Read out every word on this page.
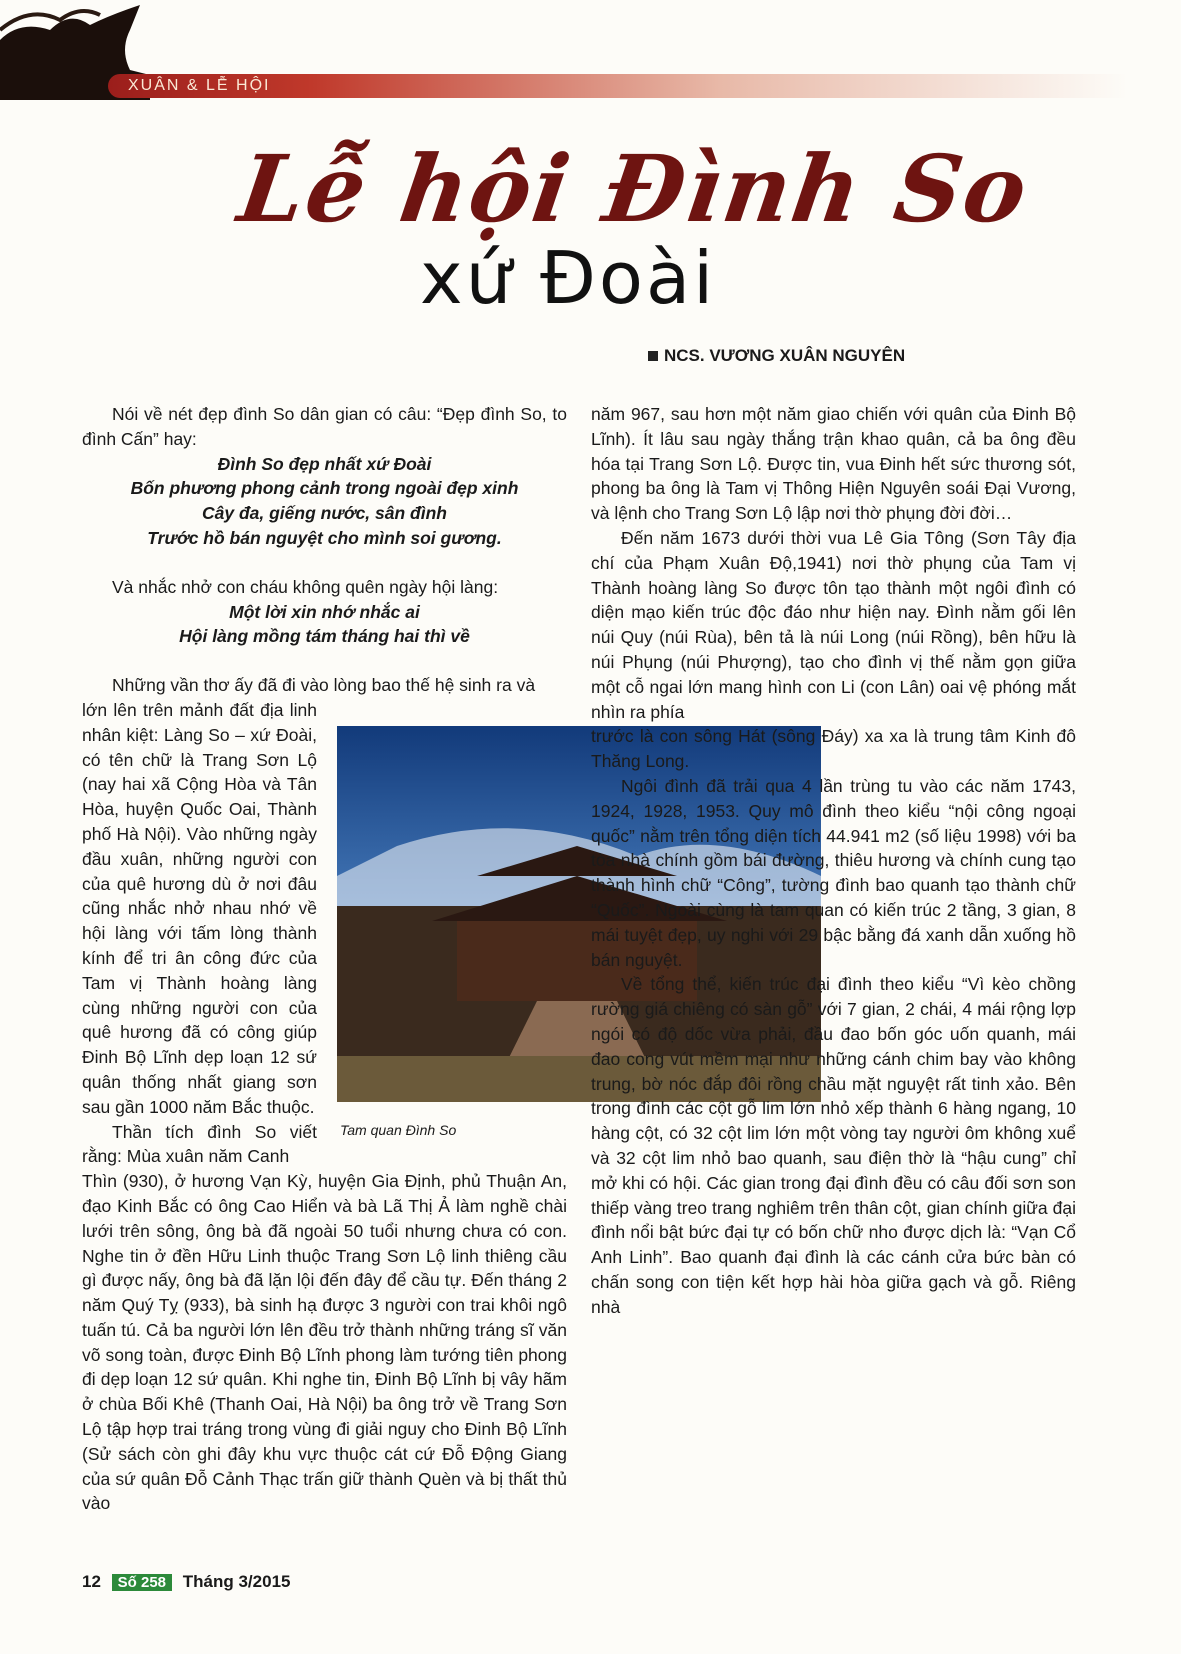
XUÂN & LỄ HỘI
Lễ hội Đình So
xứ Đoài
NCS. VƯƠNG XUÂN NGUYÊN

Nói về nét đẹp đình So dân gian có câu: “Đẹp đình So, to đình Cấn” hay:

Đình So đẹp nhất xứ Đoài

Bốn phương phong cảnh trong ngoài đẹp xinh

Cây đa, giếng nước, sân đình

Trước hồ bán nguyệt cho mình soi gương.

Và nhắc nhở con cháu không quên ngày hội làng:

Một lời xin nhớ nhắc ai

Hội làng mồng tám tháng hai thì về

Những vần thơ ấy đã đi vào lòng bao thế hệ sinh ra và

lớn lên trên mảnh đất địa linh nhân kiệt: Làng So – xứ Đoài, có tên chữ là Trang Sơn Lộ (nay hai xã Cộng Hòa và Tân Hòa, huyện Quốc Oai, Thành phố Hà Nội). Vào những ngày đầu xuân, những người con của quê hương dù ở nơi đâu cũng nhắc nhở nhau nhớ về hội làng với tấm lòng thành kính để tri ân công đức của Tam vị Thành hoàng làng cùng những người con của quê hương đã có công giúp Đinh Bộ Lĩnh dẹp loạn 12 sứ quân thống nhất giang sơn sau gần 1000 năm Bắc thuộc.

Thần tích đình So viết rằng: Mùa xuân năm Canh

Thìn (930), ở hương Vạn Kỳ, huyện Gia Định, phủ Thuận An, đạo Kinh Bắc có ông Cao Hiển và bà Lã Thị Ả làm nghề chài lưới trên sông, ông bà đã ngoài 50 tuổi nhưng chưa có con. Nghe tin ở đền Hữu Linh thuộc Trang Sơn Lộ linh thiêng cầu gì được nấy, ông bà đã lặn lội đến đây để cầu tự. Đến tháng 2 năm Quý Tỵ (933), bà sinh hạ được 3 người con trai khôi ngô tuấn tú. Cả ba người lớn lên đều trở thành những tráng sĩ văn võ song toàn, được Đinh Bộ Lĩnh phong làm tướng tiên phong đi dẹp loạn 12 sứ quân. Khi nghe tin, Đinh Bộ Lĩnh bị vây hãm ở chùa Bối Khê (Thanh Oai, Hà Nội) ba ông trở về Trang Sơn Lộ tập hợp trai tráng trong vùng đi giải nguy cho Đinh Bộ Lĩnh (Sử sách còn ghi đây khu vực thuộc cát cứ Đỗ Động Giang của sứ quân Đỗ Cảnh Thạc trấn giữ thành Quèn và bị thất thủ vào

Tam quan Đình So

năm 967, sau hơn một năm giao chiến với quân của Đinh Bộ Lĩnh). Ít lâu sau ngày thắng trận khao quân, cả ba ông đều hóa tại Trang Sơn Lộ. Được tin, vua Đinh hết sức thương sót, phong ba ông là Tam vị Thông Hiện Nguyên soái Đại Vương, và lệnh cho Trang Sơn Lộ lập nơi thờ phụng đời đời…

Đến năm 1673 dưới thời vua Lê Gia Tông (Sơn Tây địa chí của Phạm Xuân Độ,1941) nơi thờ phụng của Tam vị Thành hoàng làng So được tôn tạo thành một ngôi đình có diện mạo kiến trúc độc đáo như hiện nay. Đình nằm gối lên núi Quy (núi Rùa), bên tả là núi Long (núi Rồng), bên hữu là núi Phụng (núi Phượng), tạo cho đình vị thế nằm gọn giữa một cỗ ngai lớn mang hình con Li (con Lân) oai vệ phóng mắt nhìn ra phía

trước là con sông Hát (sông Đáy) xa xa là trung tâm Kinh đô Thăng Long.

Ngôi đình đã trải qua 4 lần trùng tu vào các năm 1743, 1924, 1928, 1953. Quy mô đình theo kiểu “nội công ngoại quốc” nằm trên tổng diện tích 44.941 m2 (số liệu 1998) với ba tòa nhà chính gồm bái đường, thiêu hương và chính cung tạo thành hình chữ “Công”, tường đình bao quanh tạo thành chữ “Quốc”. Ngoài cùng là tam quan có kiến trúc 2 tầng, 3 gian, 8 mái tuyệt đẹp, uy nghi với 29 bậc bằng đá xanh dẫn xuống hồ bán nguyệt.

Về tổng thể, kiến trúc đại đình theo kiểu “Vì kèo chồng rường giá chiêng có sàn gỗ” với 7 gian, 2 chái, 4 mái rộng lợp ngói có độ dốc vừa phải, đầu đao bốn góc uốn quanh, mái đao cong vút mềm mại như những cánh chim bay vào không trung, bờ nóc đắp đôi rồng chầu mặt nguyệt rất tinh xảo. Bên trong đình các cột gỗ lim lớn nhỏ xếp thành 6 hàng ngang, 10 hàng cột, có 32 cột lim lớn một vòng tay người ôm không xuể và 32 cột lim nhỏ bao quanh, sau điện thờ là “hậu cung” chỉ mở khi có hội. Các gian trong đại đình đều có câu đối sơn son thiếp vàng treo trang nghiêm trên thân cột, gian chính giữa đại đình nổi bật bức đại tự có bốn chữ nho được dịch là: “Vạn Cổ Anh Linh”. Bao quanh đại đình là các cánh cửa bức bàn có chấn song con tiện kết hợp hài hòa giữa gạch và gỗ. Riêng nhà

12 Số 258 Tháng 3/2015
